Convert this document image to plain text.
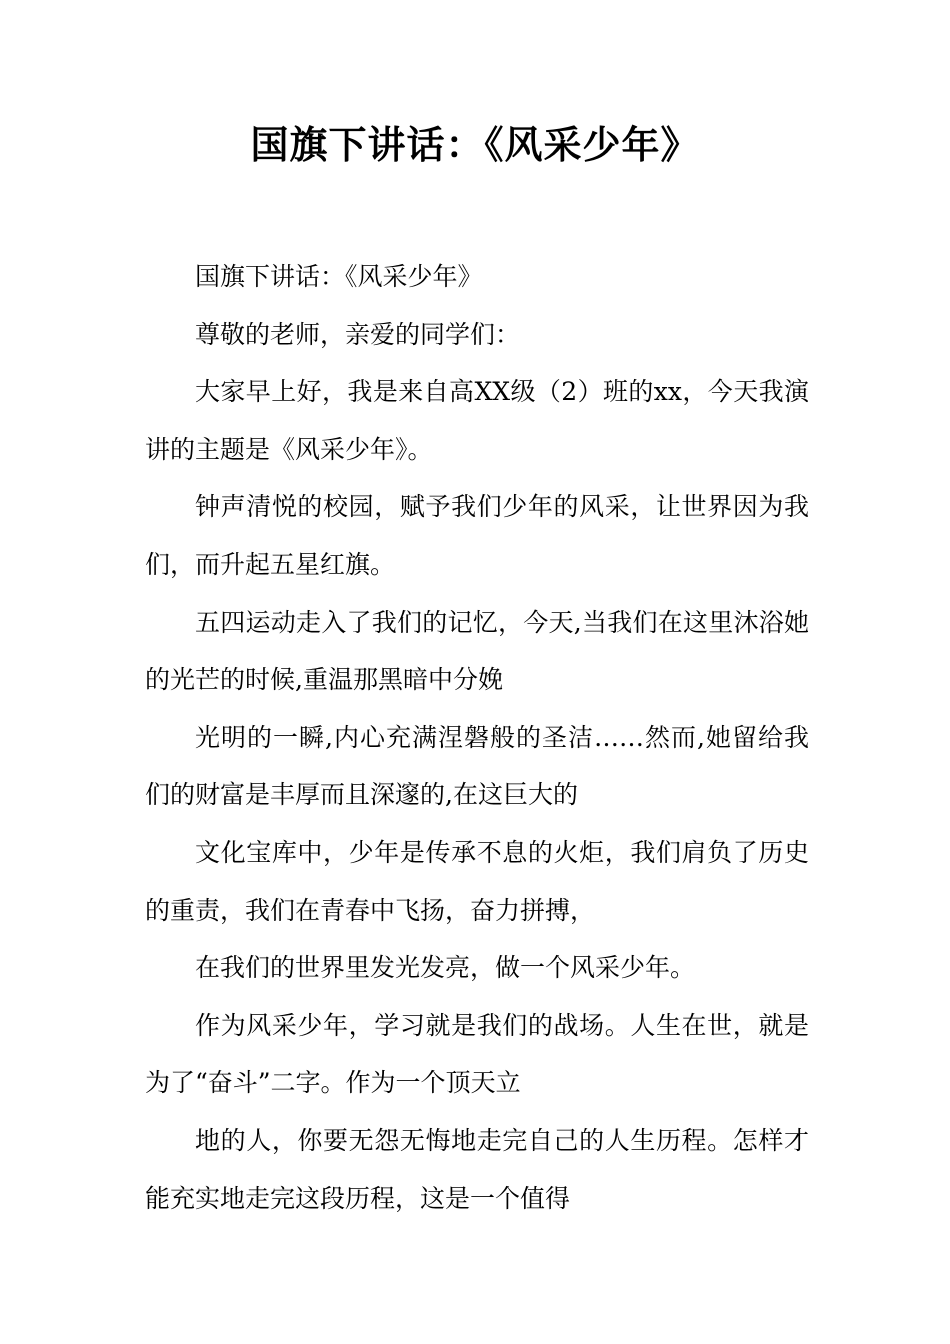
国旗下讲话：《风采少年》

国旗下讲话：《风采少年》

尊敬的老师，亲爱的同学们：

大家早上好，我是来自高XX级（2）班的xx，今天我演讲的主题是《风采少年》。

钟声清悦的校园，赋予我们少年的风采，让世界因为我们，而升起五星红旗。

五四运动走入了我们的记忆，今天,当我们在这里沐浴她的光芒的时候,重温那黑暗中分娩

光明的一瞬,内心充满涅磐般的圣洁……然而,她留给我们的财富是丰厚而且深邃的,在这巨大的

文化宝库中，少年是传承不息的火炬，我们肩负了历史的重责，我们在青春中飞扬，奋力拼搏，

在我们的世界里发光发亮，做一个风采少年。

作为风采少年，学习就是我们的战场。人生在世，就是为了“奋斗”二字。作为一个顶天立

地的人，你要无怨无悔地走完自己的人生历程。怎样才能充实地走完这段历程，这是一个值得
